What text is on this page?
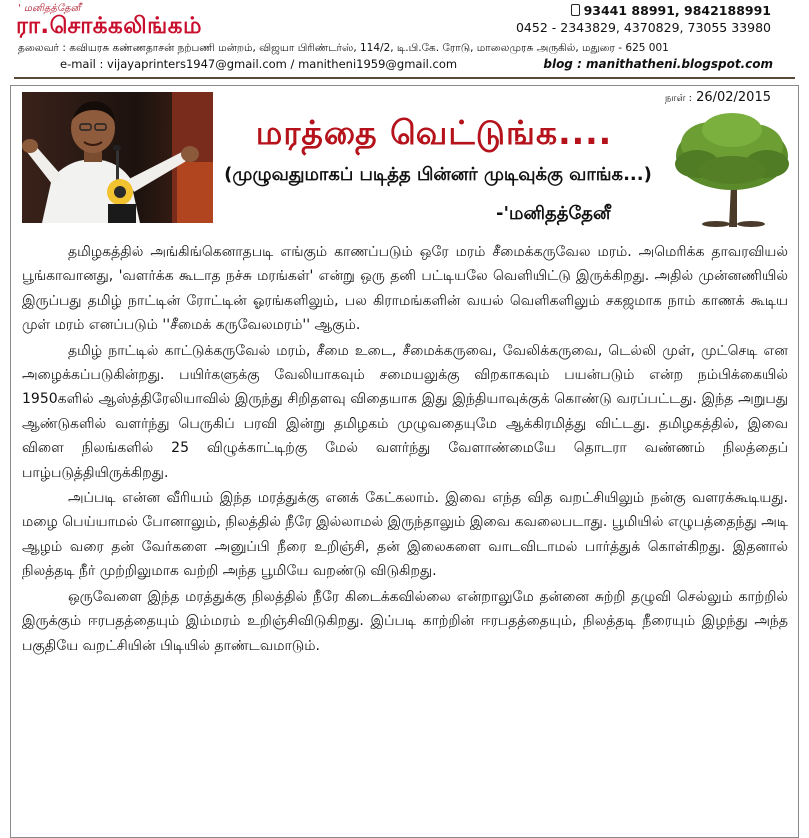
' மனிதத்தேனீ
ரா.சொக்கலிங்கம்
93441 88991, 9842188991
0452 - 2343829, 4370829, 73055 33980
தலைவர் : கவியரசு கண்ணதாசன் நற்பணி மன்றம், விஜயா பிரிண்டர்ஸ், 114/2, டி.பி.கே. ரோடு, மாலைமுரசு அருகில், மதுரை - 625 001
e-mail : vijayaprinters1947@gmail.com / manitheni1959@gmail.com	blog : manithatheni.blogspot.com
நாள் : 26/02/2015
மரத்தை வெட்டுங்க....
(முழுவதுமாகப் படித்த பின்னர் முடிவுக்கு வாங்க...)
-'மனிதத்தேனீ

தமிழகத்தில் அங்கிங்கெனாதபடி எங்கும் காணப்படும் ஒரே மரம் சீமைக்கருவேல மரம். அமெரிக்க தாவரவியல் பூங்காவானது, 'வளர்க்க கூடாத நச்சு மரங்கள்' என்று ஒரு தனி பட்டியலே வெளியிட்டு இருக்கிறது. அதில் முன்னணியில் இருப்பது தமிழ் நாட்டின் ரோட்டின் ஓரங்களிலும், பல கிராமங்களின் வயல் வெளிகளிலும் சகஜமாக நாம் காணக் கூடிய முள் மரம் எனப்படும் ''சீமைக் கருவேலமரம்'' ஆகும்.

தமிழ் நாட்டில் காட்டுக்கருவேல் மரம், சீமை உடை, சீமைக்கருவை, வேலிக்கருவை, டெல்லி முள், முட்செடி என அழைக்கப்படுகின்றது. பயிர்களுக்கு வேலியாகவும் சமையலுக்கு விறகாகவும் பயன்படும் என்ற நம்பிக்கையில் 1950களில் ஆஸ்த்திரேலியாவில் இருந்து சிறிதளவு விதையாக இது இந்தியாவுக்குக் கொண்டு வரப்பட்டது. இந்த அறுபது ஆண்டுகளில் வளர்ந்து பெருகிப் பரவி இன்று தமிழகம் முழுவதையுமே ஆக்கிரமித்து விட்டது. தமிழகத்தில், இவை விளை நிலங்களில் 25 விழுக்காட்டிற்கு மேல் வளர்ந்து வேளாண்மையே தொடரா வண்ணம் நிலத்தைப் பாழ்படுத்தியிருக்கிறது.

அப்படி என்ன வீரியம் இந்த மரத்துக்கு எனக் கேட்கலாம். இவை எந்த வித வறட்சியிலும் நன்கு வளரக்கூடியது. மழை பெய்யாமல் போனாலும், நிலத்தில் நீரே இல்லாமல் இருந்தாலும் இவை கவலைபடாது. பூமியில் எழுபத்தைந்து அடி ஆழம் வரை தன் வேர்களை அனுப்பி நீரை உறிஞ்சி, தன் இலைகளை வாடவிடாமல் பார்த்துக் கொள்கிறது. இதனால் நிலத்தடி நீர் முற்றிலுமாக வற்றி அந்த பூமியே வறண்டு விடுகிறது.

ஒருவேளை இந்த மரத்துக்கு நிலத்தில் நீரே கிடைக்கவில்லை என்றாலுமே தன்னை சுற்றி தழுவி செல்லும் காற்றில் இருக்கும் ஈரபதத்தையும் இம்மரம் உறிஞ்சிவிடுகிறது. இப்படி காற்றின் ஈரபதத்தையும், நிலத்தடி நீரையும் இழந்து அந்த பகுதியே வறட்சியின் பிடியில் தாண்டவமாடும்.
